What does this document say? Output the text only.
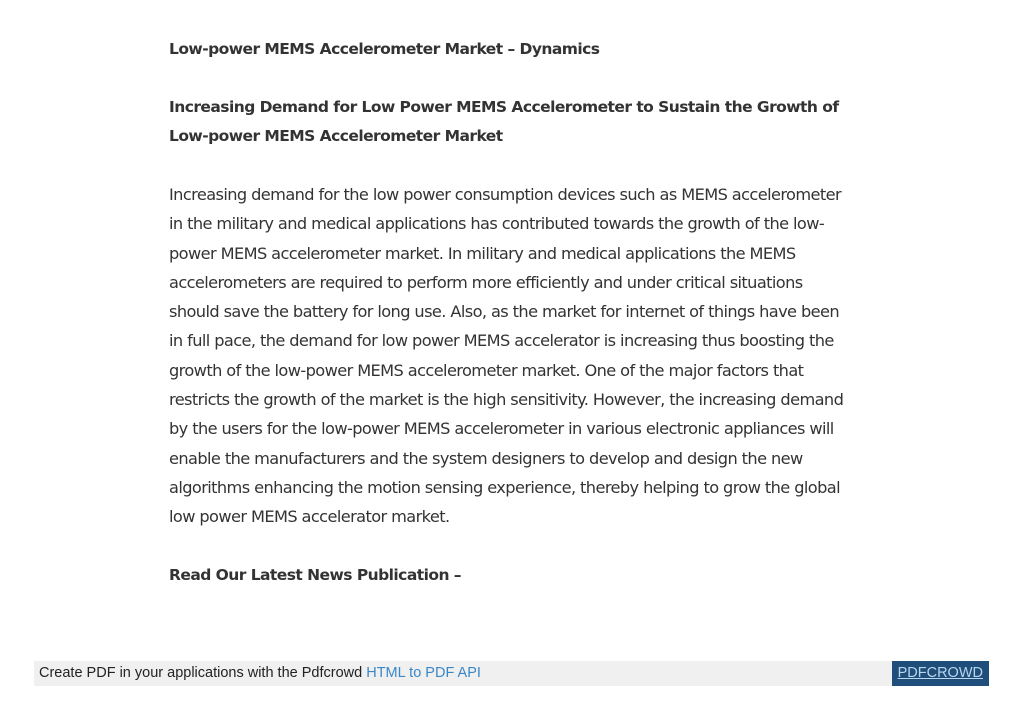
Low-power MEMS Accelerometer Market – Dynamics

Increasing Demand for Low Power MEMS Accelerometer to Sustain the Growth of Low-power MEMS Accelerometer Market

Increasing demand for the low power consumption devices such as MEMS accelerometer in the military and medical applications has contributed towards the growth of the low-power MEMS accelerometer market. In military and medical applications the MEMS accelerometers are required to perform more efficiently and under critical situations should save the battery for long use. Also, as the market for internet of things have been in full pace, the demand for low power MEMS accelerator is increasing thus boosting the growth of the low-power MEMS accelerometer market. One of the major factors that restricts the growth of the market is the high sensitivity. However, the increasing demand by the users for the low-power MEMS accelerometer in various electronic appliances will enable the manufacturers and the system designers to develop and design the new algorithms enhancing the motion sensing experience, thereby helping to grow the global low power MEMS accelerator market.

Read Our Latest News Publication –

Create PDF in your applications with the Pdfcrowd HTML to PDF API	PDFCROWD
